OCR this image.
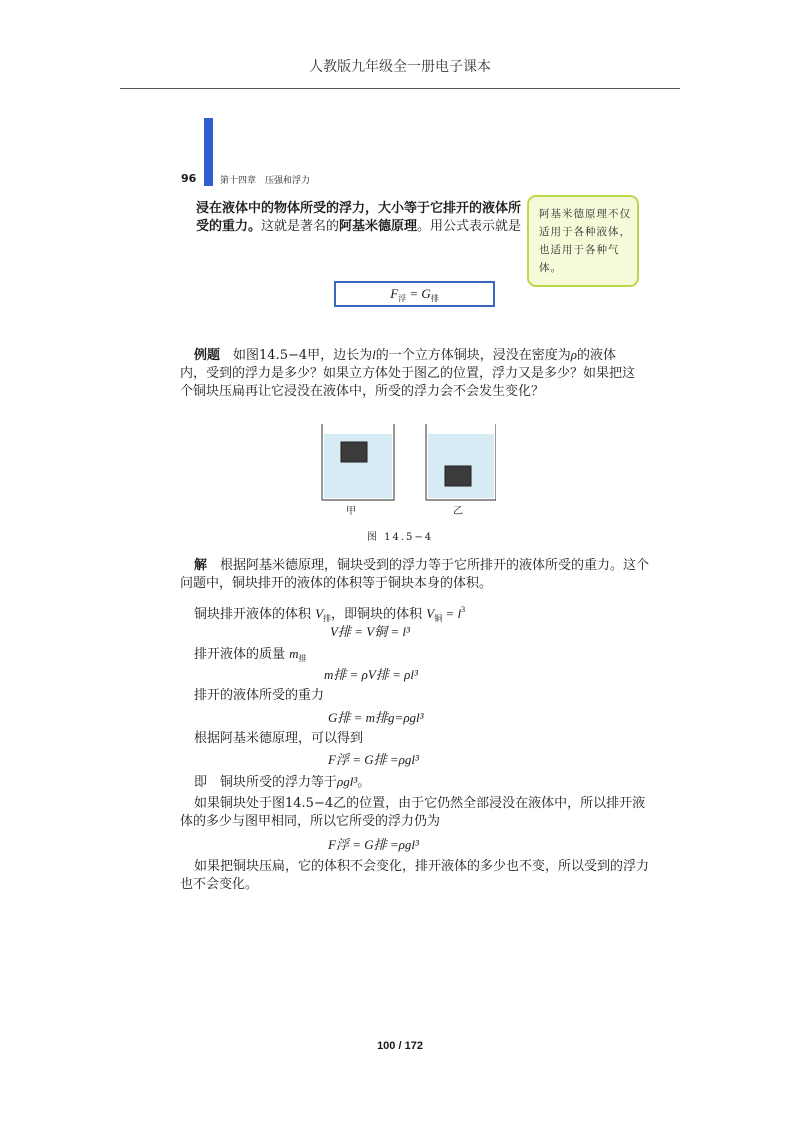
人教版九年级全一册电子课本
96	第十四章　压强和浮力
浸在液体中的物体所受的浮力，大小等于它排开的液体所受的重力。这就是著名的阿基米德原理。用公式表示就是
阿基米德原理不仅适用于各种液体，也适用于各种气体。
$F_浮 = G_排$
例题　 如图14.5−4甲，边长为l的一个立方体铜块，浸没在密度为ρ的液体内，受到的浮力是多少？如果立方体处于图乙的位置，浮力又是多少？如果把这个铜块压扁再让它浸没在液体中，所受的浮力会不会发生变化？
甲	乙
图 14.5−4
解　 根据阿基米德原理，铜块受到的浮力等于它所排开的液体所受的重力。这个问题中，铜块排开的液体的体积等于铜块本身的体积。
铜块排开液体的体积 $V_排$，即铜块的体积 $V_铜 = l^3$
V排 = V铜 = l³
排开液体的质量 $m_排$
m排 = ρV排 = ρl³
排开的液体所受的重力
G排 = m排g=ρgl³
根据阿基米德原理，可以得到
F浮 = G排 =ρgl³
即　铜块所受的浮力等于ρgl³。
如果铜块处于图14.5−4乙的位置，由于它仍然全部浸没在液体中，所以排开液体的多少与图甲相同，所以它所受的浮力仍为
F浮 = G排 =ρgl³
如果把铜块压扁，它的体积不会变化，排开液体的多少也不变，所以受到的浮力也不会变化。
100 / 172
